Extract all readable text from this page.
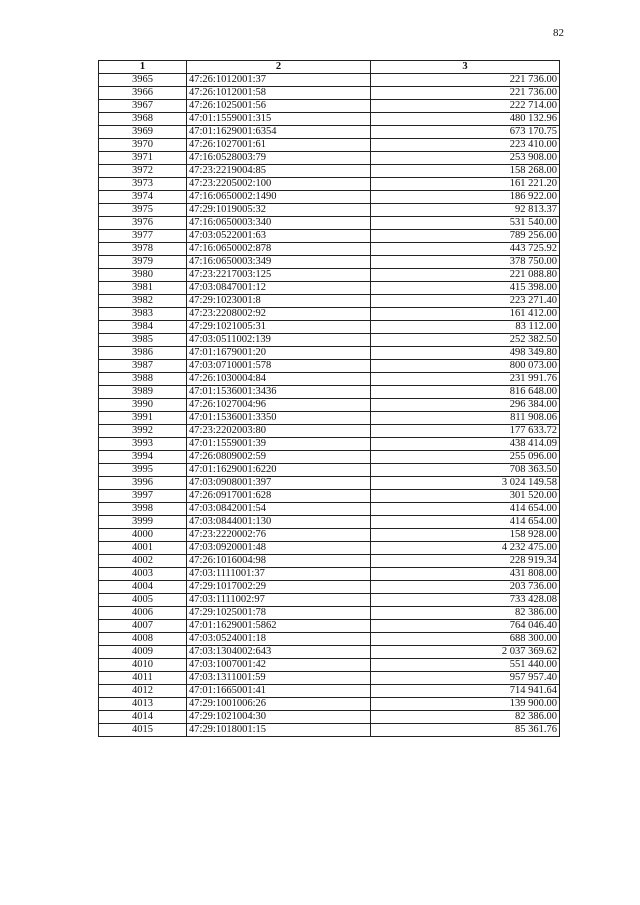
82
1	2	3
3965	47:26:1012001:37	221 736.00
3966	47:26:1012001:58	221 736.00
3967	47:26:1025001:56	222 714.00
3968	47:01:1559001:315	480 132.96
3969	47:01:1629001:6354	673 170.75
3970	47:26:1027001:61	223 410.00
3971	47:16:0528003:79	253 908.00
3972	47:23:2219004:85	158 268.00
3973	47:23:2205002:100	161 221.20
3974	47:16:0650002:1490	186 922.00
3975	47:29:1019005:32	92 813.37
3976	47:16:0650003:340	531 540.00
3977	47:03:0522001:63	789 256.00
3978	47:16:0650002:878	443 725.92
3979	47:16:0650003:349	378 750.00
3980	47:23:2217003:125	221 088.80
3981	47:03:0847001:12	415 398.00
3982	47:29:1023001:8	223 271.40
3983	47:23:2208002:92	161 412.00
3984	47:29:1021005:31	83 112.00
3985	47:03:0511002:139	252 382.50
3986	47:01:1679001:20	498 349.80
3987	47:03:0710001:578	800 073.00
3988	47:26:1030004:84	231 991.76
3989	47:01:1536001:3436	816 648.00
3990	47:26:1027004:96	296 384.00
3991	47:01:1536001:3350	811 908.06
3992	47:23:2202003:80	177 633.72
3993	47:01:1559001:39	438 414.09
3994	47:26:0809002:59	255 096.00
3995	47:01:1629001:6220	708 363.50
3996	47:03:0908001:397	3 024 149.58
3997	47:26:0917001:628	301 520.00
3998	47:03:0842001:54	414 654.00
3999	47:03:0844001:130	414 654.00
4000	47:23:2220002:76	158 928.00
4001	47:03:0920001:48	4 232 475.00
4002	47:26:1016004:98	228 919.34
4003	47:03:1111001:37	431 808.00
4004	47:29:1017002:29	203 736.00
4005	47:03:1111002:97	733 428.08
4006	47:29:1025001:78	82 386.00
4007	47:01:1629001:5862	764 046.40
4008	47:03:0524001:18	688 300.00
4009	47:03:1304002:643	2 037 369.62
4010	47:03:1007001:42	551 440.00
4011	47:03:1311001:59	957 957.40
4012	47:01:1665001:41	714 941.64
4013	47:29:1001006:26	139 900.00
4014	47:29:1021004:30	82 386.00
4015	47:29:1018001:15	85 361.76
